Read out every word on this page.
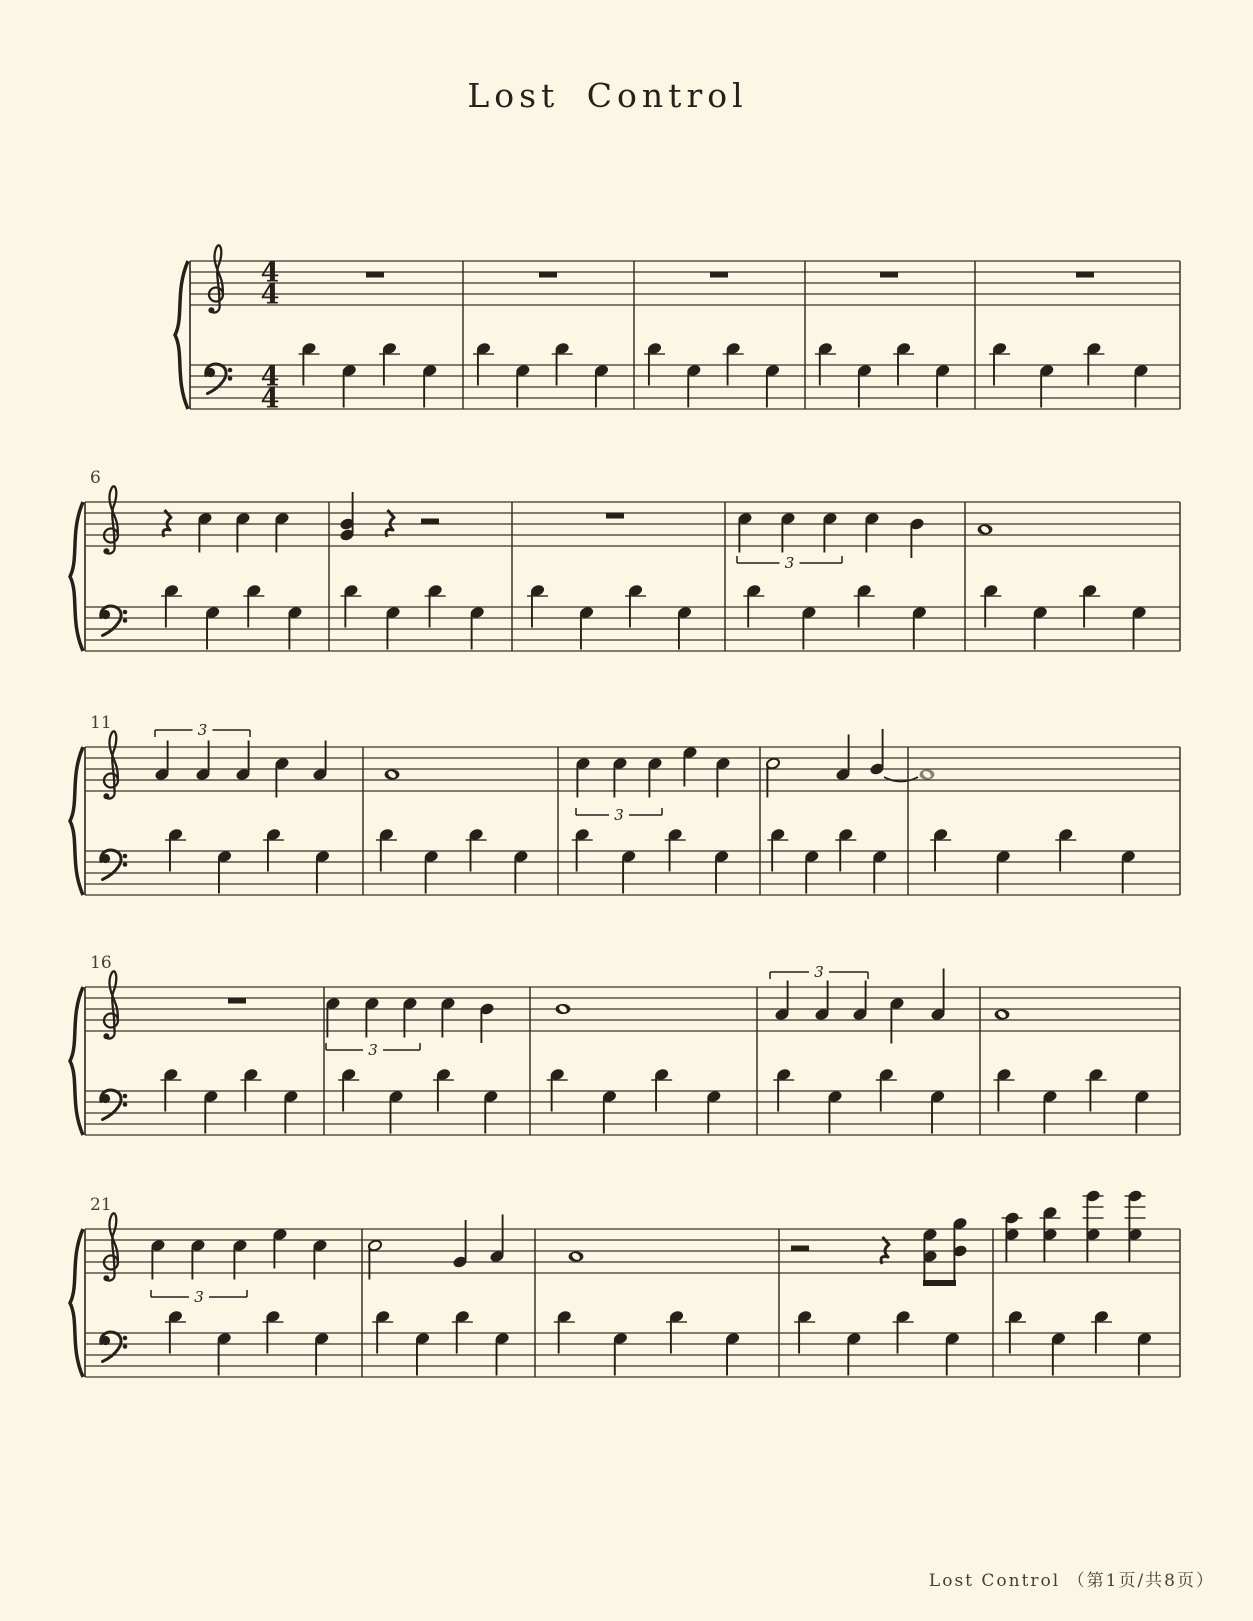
Lost Control
4
4
4
4
6
3
11	3
3
16
3
3
21
3
Lost Control （第1页/共8页）
